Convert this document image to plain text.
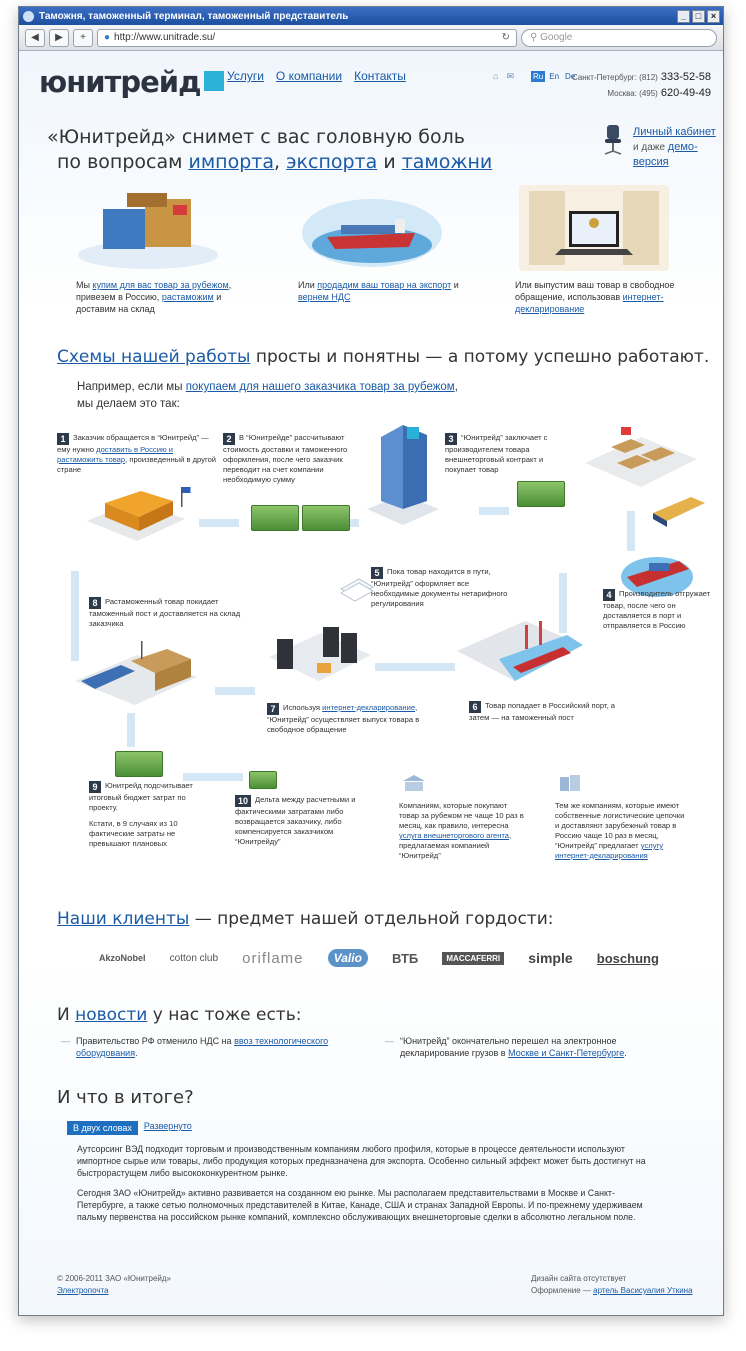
Таможня, таможенный терминал, таможенный представитель	_	□	×
◀	▶	+	● http://www.unitrade.su/	↻	⚲ Google
юнитрейд	Услуги О компании Контакты	⌂ ✉ Ru En De
Санкт-Петербург: (812) 333-52-58
Москва: (495) 620-49-49
«Юнитрейд» снимет с вас головную боль
по вопросам импорта, экспорта и таможни
Личный кабинет
и даже демо-версия
Мы купим для вас товар за рубежом, привезем в Россию, растаможим и доставим на склад
Или продадим ваш товар на экспорт и вернем НДС
Или выпустим ваш товар в свободное обращение, использовав интернет-декларирование
Схемы нашей работы просты и понятны — а потому успешно работают.
Например, если мы покупаем для нашего заказчика товар за рубежом,
мы делаем это так:
1 Заказчик обращается в “Юнитрейд” — ему нужно доставить в Россию и растаможить товар, произведенный в другой стране
2 В “Юнитрейде” рассчитывают стоимость доставки и таможенного оформления, после чего заказчик переводит на счет компании необходимую сумму
3 “Юнитрейд” заключает с производителем товара внешнеторговый контракт и покупает товар
4 Производитель отгружает товар, после чего он доставляется в порт и отправляется в Россию
5 Пока товар находится в пути, “Юнитрейд” оформляет все необходимые документы нетарифного регулирования
6 Товар попадает в Российский порт, а затем — на таможенный пост
7 Используя интернет-декларирование, “Юнитрейд” осуществляет выпуск товара в свободное обращение
8 Растаможенный товар покидает таможенный пост и доставляется на склад заказчика
9 Юнитрейд подсчитывает итоговый бюджет затрат по проекту.
Кстати, в 9 случаях из 10 фактические затраты не превышают плановых
10 Дельта между расчетными и фактическими затратами либо возвращается заказчику, либо компенсируется заказчиком “Юнитрейду”
Компаниям, которые покупают товар за рубежом не чаще 10 раз в месяц, как правило, интересна услуга внешнеторгового агента, предлагаемая компанией “Юнитрейд”
Тем же компаниям, которые имеют собственные логистические цепочки и доставляют зарубежный товар в Россию чаще 10 раз в месяц, “Юнитрейд” предлагает услугу интернет-декларирования
Наши клиенты — предмет нашей отдельной гордости:
AkzoNobel cotton club oriflame	Valio	ВТБ	MACCAFERRI simple boschung
И новости у нас тоже есть:
— Правительство РФ отменило НДС на ввоз технологического оборудования.
— “Юнитрейд” окончательно перешел на электронное декларирование грузов в Москве и Санкт-Петербурге.
И что в итоге?
В двух словах	Развернуто
Аутсорсинг ВЭД подходит торговым и производственным компаниям любого профиля, которые в процессе деятельности используют импортное сырье или товары, либо продукция которых предназначена для экспорта. Особенно сильный эффект может быть достигнут на быстрорастущем либо высококонкурентном рынке.
Сегодня ЗАО «Юнитрейд» активно развивается на созданном ею рынке. Мы располагаем представительствами в Москве и Санкт-Петербурге, а также сетью полномочных представителей в Китае, Канаде, США и странах Западной Европы. И по-прежнему удерживаем пальму первенства на российском рынке компаний, комплексно обслуживающих внешнеторговые сделки в абсолютно легальном поле.
© 2006-2011 ЗАО «Юнитрейд»
Электропочта
Дизайн сайта отсутствует
Оформление — артель Васисуалия Уткина
